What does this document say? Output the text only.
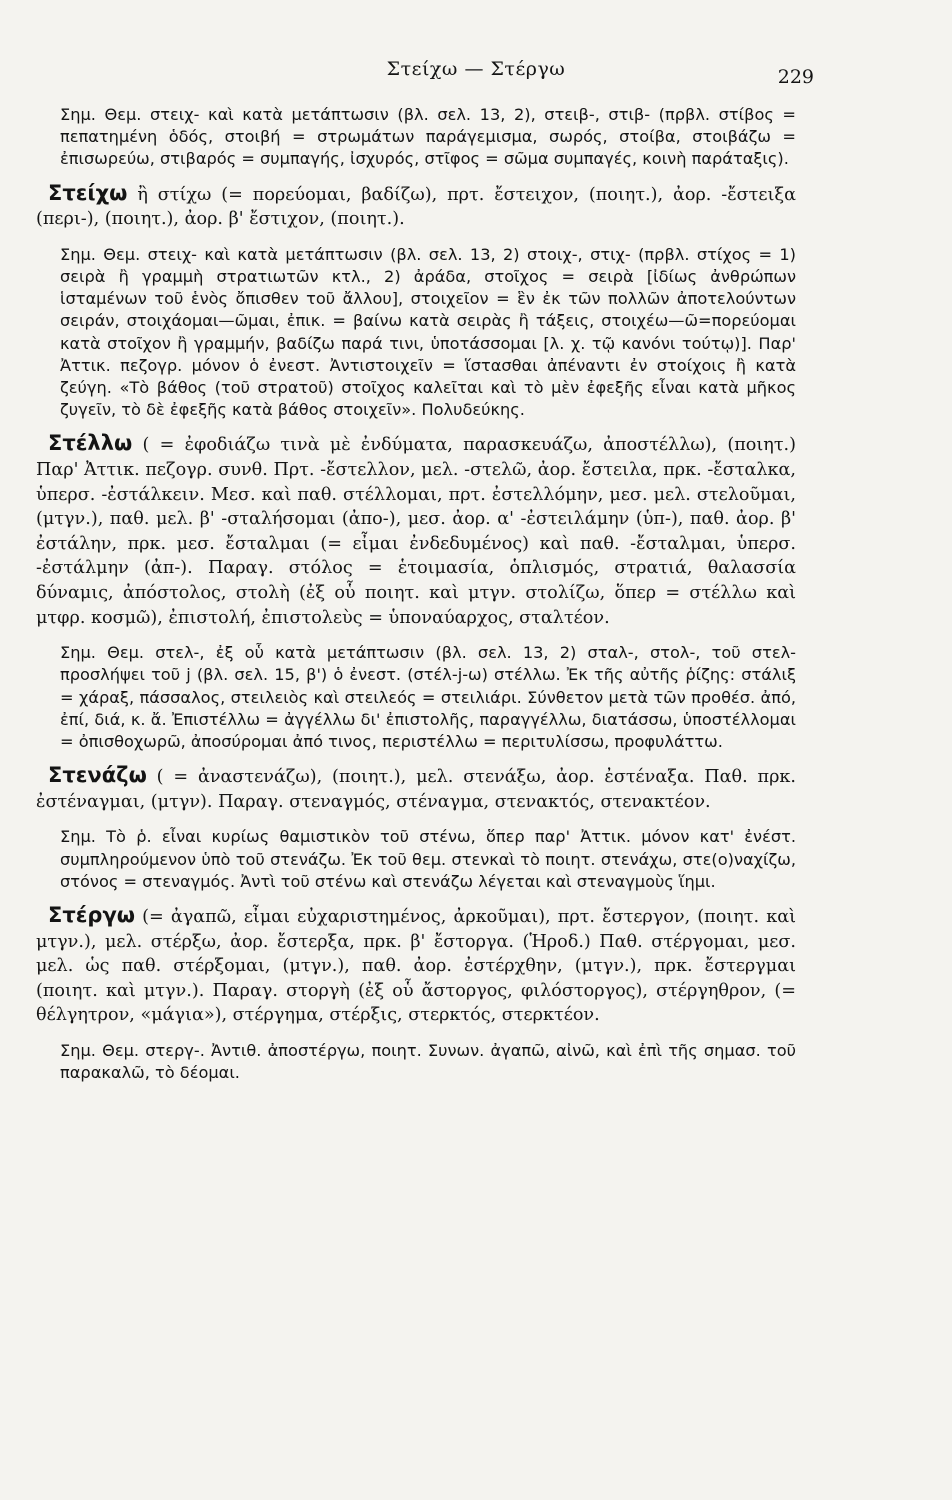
Στείχω — Στέργω	229

Σημ. Θεμ. στειχ- καὶ κατὰ μετάπτωσιν (βλ. σελ. 13, 2), στειβ-, στιβ- (πρβλ. στίβος = πεπατημένη ὁδός, στοιβή = στρωμάτων παράγεμισμα, σωρός, στοίβα, στοιβάζω = ἐπισωρεύω, στιβαρός = συμπαγής, ἰσχυρός, στῖφος = σῶμα συμπαγές, κοινὴ παράταξις).

Στείχω ἢ στίχω (= πορεύομαι, βαδίζω), πρτ. ἔστειχον, (ποιητ.), ἀορ. -ἔστειξα (περι-), (ποιητ.), ἀορ. β' ἔστιχον, (ποιητ.).

Σημ. Θεμ. στειχ- καὶ κατὰ μετάπτωσιν (βλ. σελ. 13, 2) στοιχ-, στιχ- (πρβλ. στίχος = 1) σειρὰ ἢ γραμμὴ στρατιωτῶν κτλ., 2) ἀράδα, στοῖχος = σειρὰ [ἰδίως ἀνθρώπων ἱσταμένων τοῦ ἑνὸς ὄπισθεν τοῦ ἄλλου], στοιχεῖον = ἓν ἐκ τῶν πολλῶν ἀποτελούντων σειράν, στοιχάομαι—ῶμαι, ἐπικ. = βαίνω κατὰ σειρὰς ἢ τάξεις, στοιχέω—ῶ=πορεύομαι κατὰ στοῖχον ἢ γραμμήν, βαδίζω παρά τινι, ὑποτάσσομαι [λ. χ. τῷ κανόνι τούτῳ)]. Παρ' Ἀττικ. πεζογρ. μόνον ὁ ἐνεστ. Ἀντιστοιχεῖν = ἵστασθαι ἀπέναντι ἐν στοίχοις ἢ κατὰ ζεύγη. «Τὸ βάθος (τοῦ στρατοῦ) στοῖχος καλεῖται καὶ τὸ μὲν ἐφεξῆς εἶναι κατὰ μῆκος ζυγεῖν, τὸ δὲ ἐφεξῆς κατὰ βάθος στοιχεῖν». Πολυδεύκης.

Στέλλω ( = ἐφοδιάζω τινὰ μὲ ἐνδύματα, παρασκευάζω, ἀποστέλλω), (ποιητ.) Παρ' Ἀττικ. πεζογρ. συνθ. Πρτ. -ἔστελλον, μελ. -στελῶ, ἀορ. ἔστειλα, πρκ. -ἔσταλκα, ὑπερσ. -ἐστάλκειν. Μεσ. καὶ παθ. στέλλομαι, πρτ. ἐστελλόμην, μεσ. μελ. στελοῦμαι, (μτγν.), παθ. μελ. β' -σταλήσομαι (ἀπο-), μεσ. ἀορ. α' -ἐστειλάμην (ὑπ-), παθ. ἀορ. β' ἐστάλην, πρκ. μεσ. ἔσταλμαι (= εἶμαι ἐνδεδυμένος) καὶ παθ. -ἔσταλμαι, ὑπερσ. -ἐστάλμην (ἀπ-). Παραγ. στόλος = ἑτοιμασία, ὁπλισμός, στρατιά, θαλασσία δύναμις, ἀπόστολος, στολὴ (ἐξ οὗ ποιητ. καὶ μτγν. στολίζω, ὅπερ = στέλλω καὶ μτφρ. κοσμῶ), ἐπιστολή, ἐπιστολεὺς = ὑποναύαρχος, σταλτέον.

Σημ. Θεμ. στελ-, ἐξ οὗ κατὰ μετάπτωσιν (βλ. σελ. 13, 2) σταλ-, στολ-, τοῦ στελ- προσλήψει τοῦ j (βλ. σελ. 15, β') ὁ ἐνεστ. (στέλ-j-ω) στέλλω. Ἐκ τῆς αὐτῆς ῥίζης: στάλιξ = χάραξ, πάσσαλος, στειλειὸς καὶ στειλεός = στειλιάρι. Σύνθετον μετὰ τῶν προθέσ. ἀπό, ἐπί, διά, κ. ἄ. Ἐπιστέλλω = ἀγγέλλω δι' ἐπιστολῆς, παραγγέλλω, διατάσσω, ὑποστέλλομαι = ὀπισθοχωρῶ, ἀποσύρομαι ἀπό τινος, περιστέλλω = περιτυλίσσω, προφυλάττω.

Στενάζω ( = ἀναστενάζω), (ποιητ.), μελ. στενάξω, ἀορ. ἐστέναξα. Παθ. πρκ. ἐστέναγμαι, (μτγν). Παραγ. στεναγμός, στέναγμα, στενακτός, στενακτέον.

Σημ. Τὸ ῥ. εἶναι κυρίως θαμιστικὸν τοῦ στένω, ὅπερ παρ' Ἀττικ. μόνον κατ' ἐνέστ. συμπληρούμενον ὑπὸ τοῦ στενάζω. Ἐκ τοῦ θεμ. στενκαὶ τὸ ποιητ. στενάχω, στε(ο)ναχίζω, στόνος = στεναγμός. Ἀντὶ τοῦ στένω καὶ στενάζω λέγεται καὶ στεναγμοὺς ἵημι.

Στέργω (= ἀγαπῶ, εἶμαι εὐχαριστημένος, ἀρκοῦμαι), πρτ. ἔστεργον, (ποιητ. καὶ μτγν.), μελ. στέρξω, ἀορ. ἔστερξα, πρκ. β' ἔστοργα. (Ἡροδ.) Παθ. στέργομαι, μεσ. μελ. ὡς παθ. στέρξομαι, (μτγν.), παθ. ἀορ. ἐστέρχθην, (μτγν.), πρκ. ἔστεργμαι (ποιητ. καὶ μτγν.). Παραγ. στοργὴ (ἐξ οὗ ἄστοργος, φιλόστοργος), στέργηθρον, (= θέλγητρον, «μάγια»), στέργημα, στέρξις, στερκτός, στερκτέον.

Σημ. Θεμ. στεργ-. Ἀντιθ. ἀποστέργω, ποιητ. Συνων. ἀγαπῶ, αἰνῶ, καὶ ἐπὶ τῆς σημασ. τοῦ παρακαλῶ, τὸ δέομαι.
